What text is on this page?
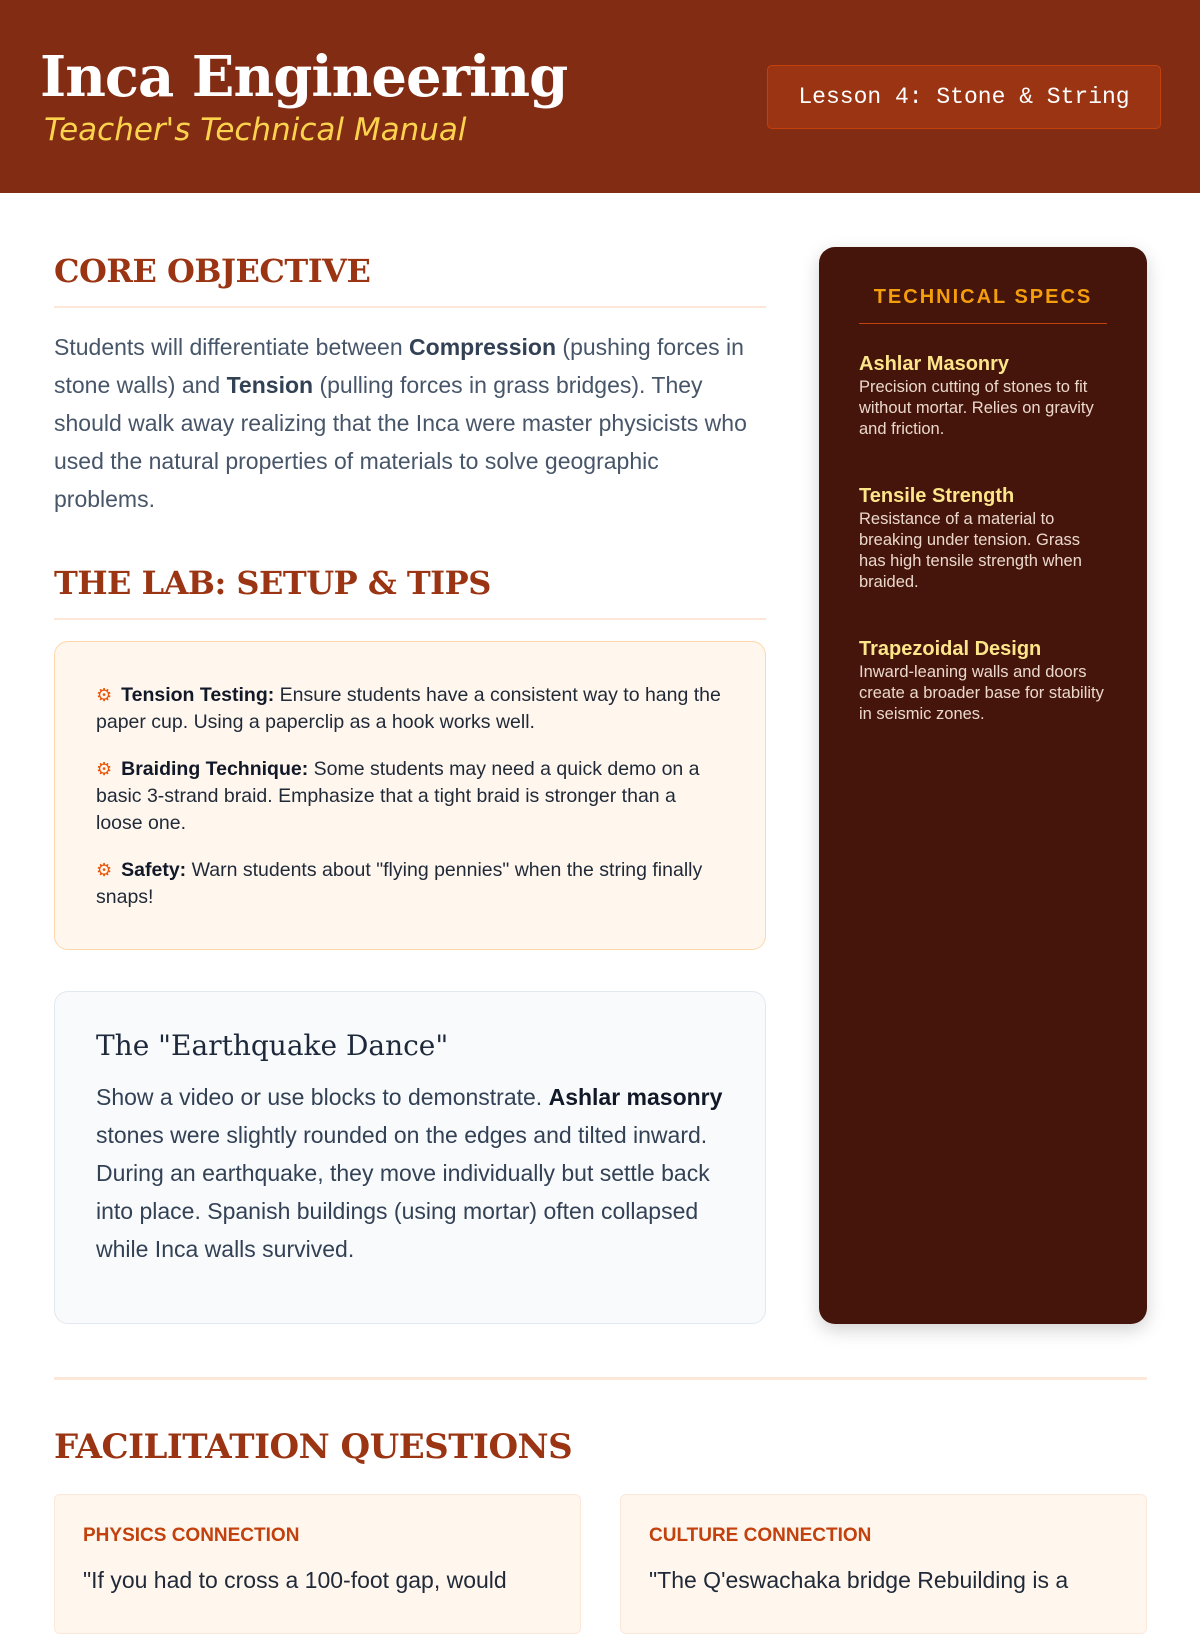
Inca Engineering
Teacher's Technical Manual
Lesson 4: Stone & String
CORE OBJECTIVE

Students will differentiate between Compression (pushing forces in stone walls) and Tension (pulling forces in grass bridges). They should walk away realizing that the Inca were master physicists who used the natural properties of materials to solve geographic problems.

THE LAB: SETUP & TIPS
⚙ Tension Testing: Ensure students have a consistent way to hang the paper cup. Using a paperclip as a hook works well.
⚙ Braiding Technique: Some students may need a quick demo on a basic 3-strand braid. Emphasize that a tight braid is stronger than a loose one.
⚙ Safety: Warn students about "flying pennies" when the string finally snaps!
The "Earthquake Dance"

Show a video or use blocks to demonstrate. Ashlar masonry stones were slightly rounded on the edges and tilted inward. During an earthquake, they move individually but settle back into place. Spanish buildings (using mortar) often collapsed while Inca walls survived.

TECHNICAL SPECS
Ashlar Masonry
Precision cutting of stones to fit without mortar. Relies on gravity and friction.
Tensile Strength
Resistance of a material to breaking under tension. Grass has high tensile strength when braided.
Trapezoidal Design
Inward-leaning walls and doors create a broader base for stability in seismic zones.
FACILITATION QUESTIONS
PHYSICS CONNECTION
"If you had to cross a 100-foot gap, would
CULTURE CONNECTION
"The Q'eswachaka bridge Rebuilding is a
